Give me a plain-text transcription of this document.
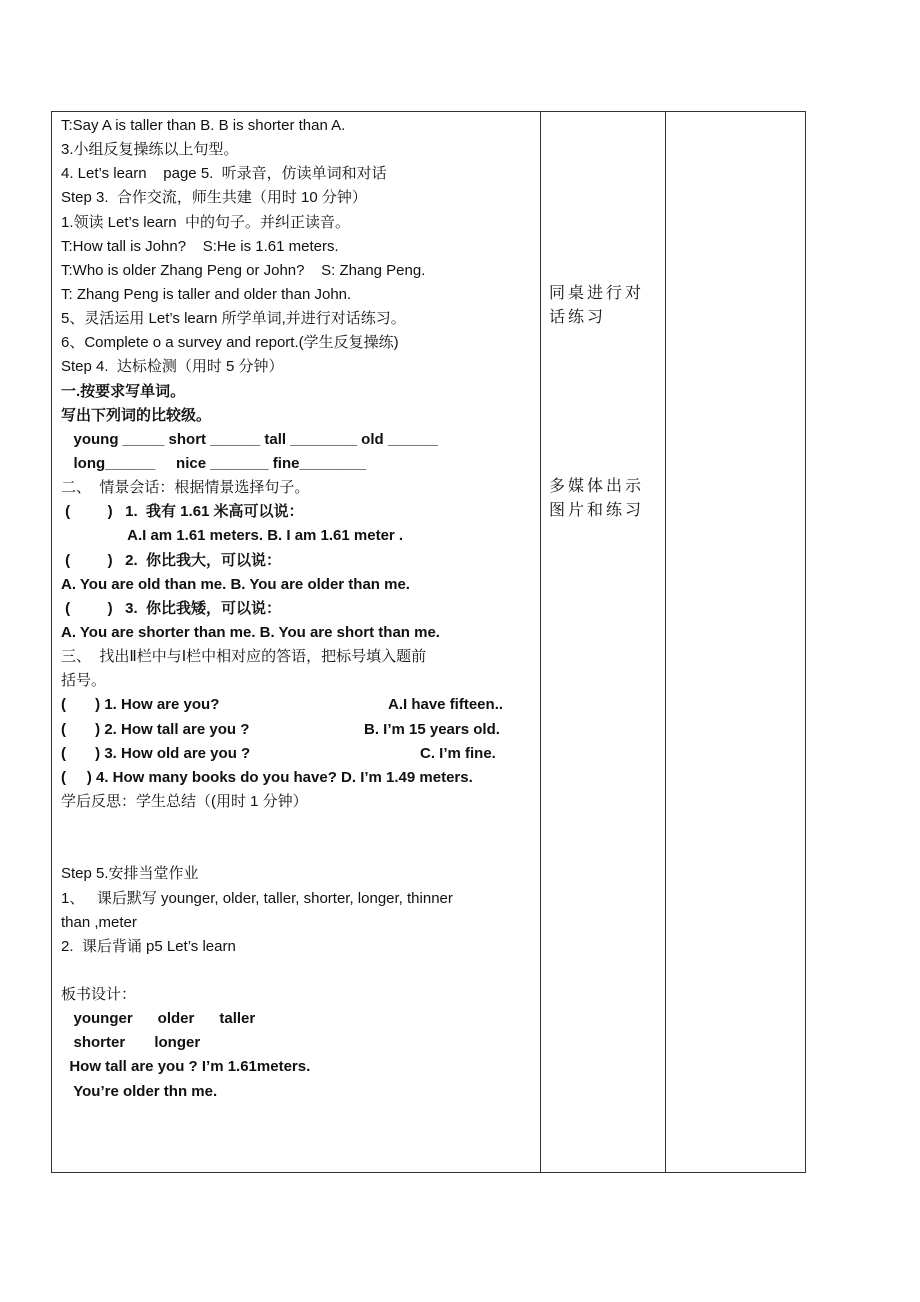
T:Say A is taller than B. B is shorter than A.
3.小组反复操练以上句型。
4. Let’s learn    page 5.  听录音，仿读单词和对话
Step 3.  合作交流，师生共建（用时 10 分钟）
1.领读 Let’s learn  中的句子。并纠正读音。
T:How tall is John?    S:He is 1.61 meters.
T:Who is older Zhang Peng or John?    S: Zhang Peng.
T: Zhang Peng is taller and older than John.
5、灵活运用 Let’s learn 所学单词,并进行对话练习。
6、Complete o a survey and report.(学生反复操练)
Step 4.  达标检测（用时 5 分钟）
一.按要求写单词。
写出下列词的比较级。
young _____ short ______ tall ________ old ______
long______     nice _______ fine________
二、  情景会话：根据情景选择句子。
(         )   1.  我有 1.61 米高可以说：
A.I am 1.61 meters. B. I am 1.61 meter .
(         )   2.  你比我大，可以说：
A. You are old than me. B. You are older than me.
(         )   3.  你比我矮，可以说：
A. You are shorter than me. B. You are short than me.
三、  找出Ⅱ栏中与Ⅰ栏中相对应的答语，把标号填入题前
括号。

(       ) 1. How are you?

	A.I have fifteen..

(       ) 2. How tall are you ?

	B. I’m 15 years old.

(       ) 3. How old are you ?

	C. I’m fine.

(     ) 4. How many books do you have? D. I’m 1.49 meters.
学后反思：学生总结（(用时 1 分钟）
Step 5.安排当堂作业
1、   课后默写 younger, older, taller, shorter, longer, thinner
than ,meter
2.  课后背诵 p5 Let’s learn
板书设计：
younger      older      taller
shorter       longer
How tall are you ? I’m 1.61meters.
You’re older thn me.
同桌进行对话练习
多媒体出示图片和练习
